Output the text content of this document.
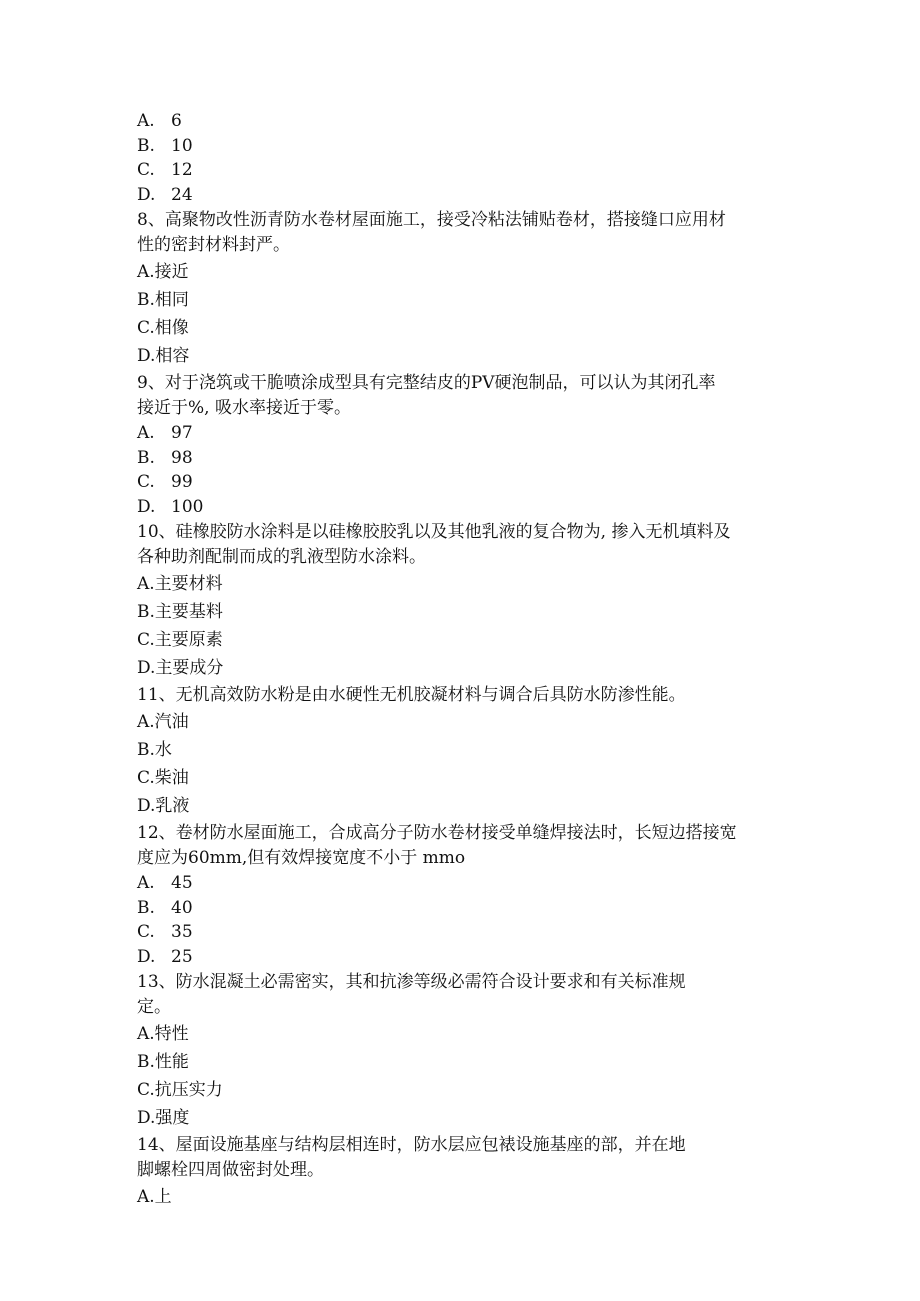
A. 6
B. 10
C. 12
D. 24
8、高聚物改性沥青防水卷材屋面施工，接受冷粘法铺贴卷材，搭接缝口应用材
性的密封材料封严。
A.接近
B.相同
C.相像
D.相容
9、对于浇筑或干脆喷涂成型具有完整结皮的PV硬泡制品，可以认为其闭孔率
接近于%, 吸水率接近于零。
A. 97
B. 98
C. 99
D. 100
10、硅橡胶防水涂料是以硅橡胶胶乳以及其他乳液的复合物为, 掺入无机填料及
各种助剂配制而成的乳液型防水涂料。
A.主要材料
B.主要基料
C.主要原素
D.主要成分
11、无机高效防水粉是由水硬性无机胶凝材料与调合后具防水防渗性能。
A.汽油
B.水
C.柴油
D.乳液
12、卷材防水屋面施工，合成高分子防水卷材接受单缝焊接法时，长短边搭接宽
度应为60mm,但有效焊接宽度不小于 mmo
A. 45
B. 40
C. 35
D. 25
13、防水混凝土必需密实，其和抗渗等级必需符合设计要求和有关标准规
定。
A.特性
B.性能
C.抗压实力
D.强度
14、屋面设施基座与结构层相连时，防水层应包裱设施基座的部，并在地
脚螺栓四周做密封处理。
A.上
